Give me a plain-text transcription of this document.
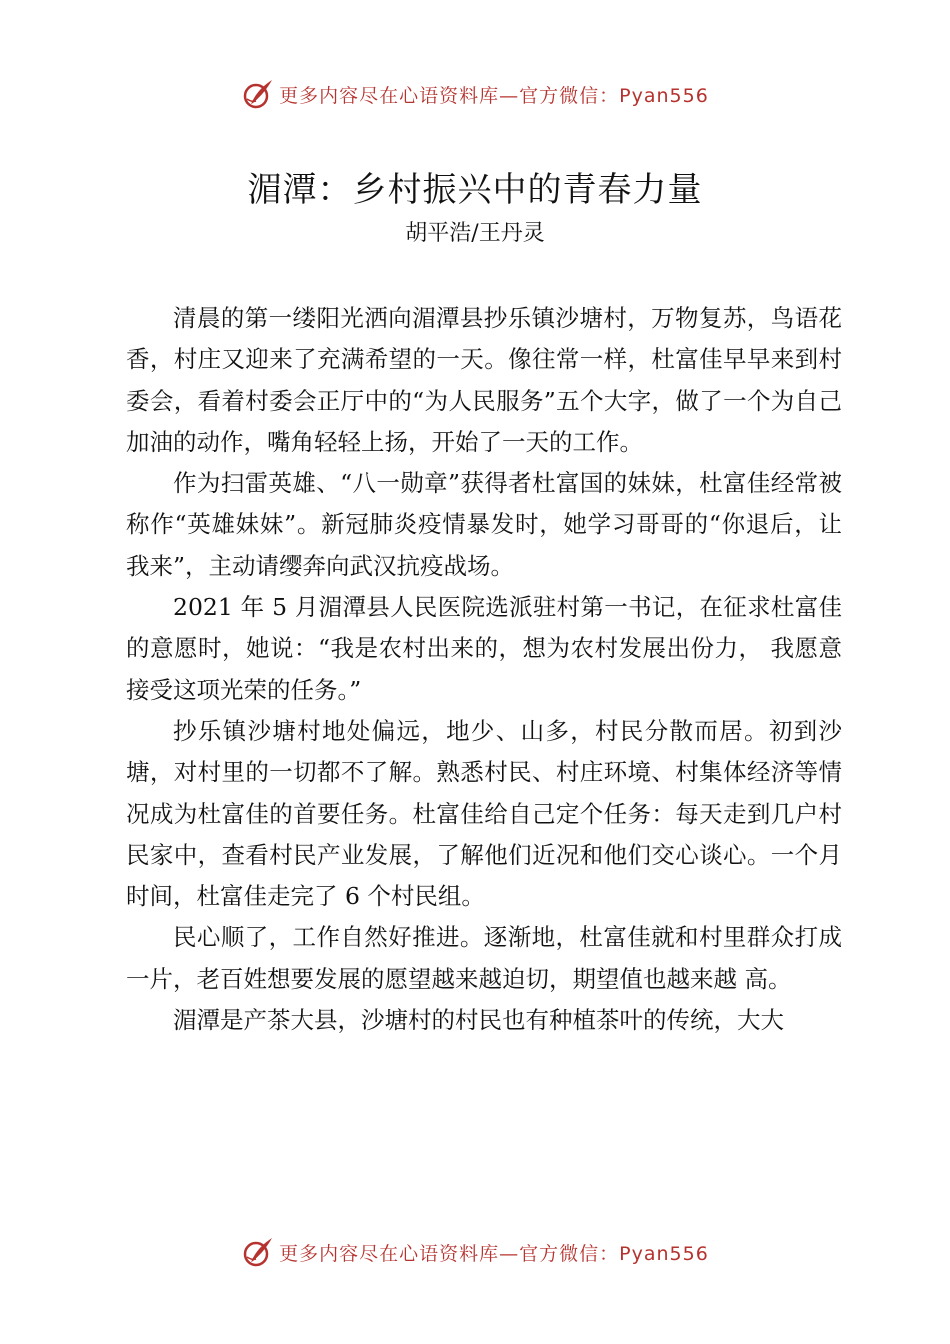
更多内容尽在心语资料库—官方微信：Pyan556
湄潭：乡村振兴中的青春力量
胡平浩/王丹灵

清晨的第一缕阳光洒向湄潭县抄乐镇沙塘村，万物复苏，鸟语花香，村庄又迎来了充满希望的一天。像往常一样，杜富佳早早来到村委会，看着村委会正厅中的“为人民服务”五个大字，做了一个为自己加油的动作，嘴角轻轻上扬，开始了一天的工作。

作为扫雷英雄、“八一勋章”获得者杜富国的妹妹，杜富佳经常被称作“英雄妹妹”。新冠肺炎疫情暴发时，她学习哥哥的“你退后，让我来”，主动请缨奔向武汉抗疫战场。

2021 年 5 月湄潭县人民医院选派驻村第一书记，在征求杜富佳的意愿时，她说：“我是农村出来的，想为农村发展出份力， 我愿意接受这项光荣的任务。”

抄乐镇沙塘村地处偏远，地少、山多，村民分散而居。初到沙塘，对村里的一切都不了解。熟悉村民、村庄环境、村集体经济等情况成为杜富佳的首要任务。杜富佳给自己定个任务：每天走到几户村民家中，查看村民产业发展，了解他们近况和他们交心谈心。一个月时间，杜富佳走完了 6 个村民组。

民心顺了，工作自然好推进。逐渐地，杜富佳就和村里群众打成一片，老百姓想要发展的愿望越来越迫切，期望值也越来越 高。

湄潭是产茶大县，沙塘村的村民也有种植茶叶的传统，大大

更多内容尽在心语资料库—官方微信：Pyan556
